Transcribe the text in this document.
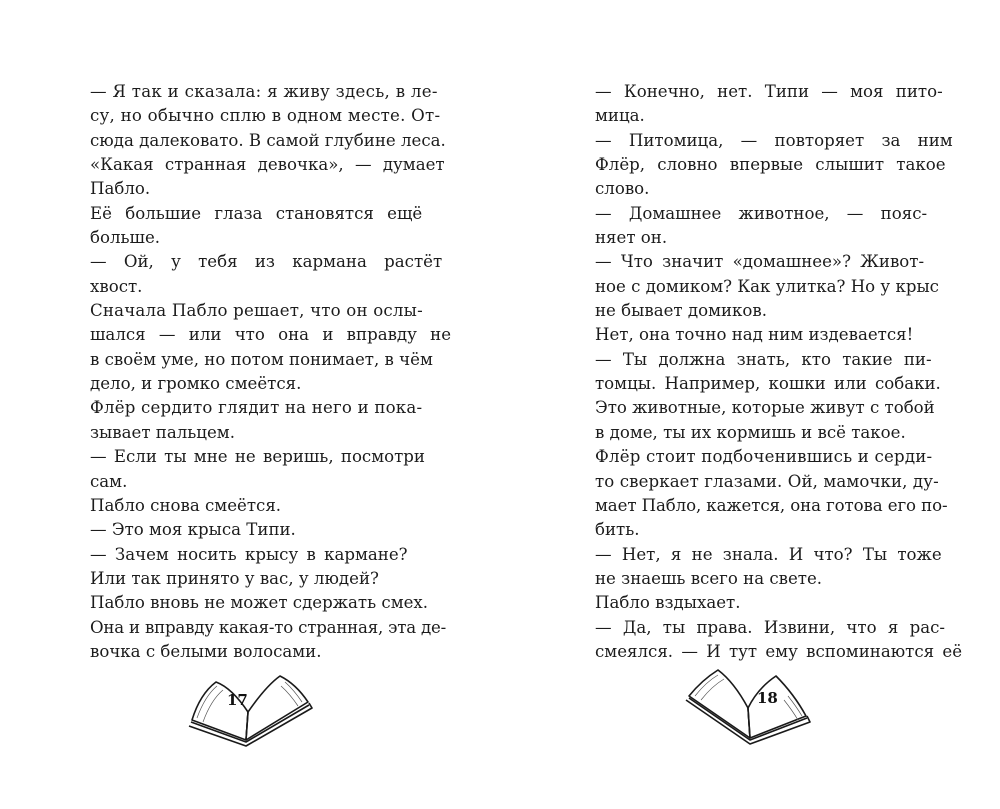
— Я так и сказала: я живу здесь, в ле-
су, но обычно сплю в одном месте. От-
сюда далековато. В самой глубине леса.
«Какая странная девочка», — думает
Пабло.
Её большие глаза становятся ещё
больше.
— Ой, у тебя из кармана растёт
хвост.
Сначала Пабло решает, что он ослы-
шался — или что она и вправду не
в своём уме, но потом понимает, в чём
дело, и громко смеётся.
Флёр сердито глядит на него и пока-
зывает пальцем.
— Если ты мне не веришь, посмотри
сам.
Пабло снова смеётся.
— Это моя крыса Типи.
— Зачем носить крысу в кармане?
Или так принято у вас, у людей?
Пабло вновь не может сдержать смех.
Она и вправду какая-то странная, эта де-
вочка с белыми волосами.
— Конечно, нет. Типи — моя пито-
мица.
— Питомица, — повторяет за ним
Флёр, словно впервые слышит такое
слово.
— Домашнее животное, — пояс-
няет он.
— Что значит «домашнее»? Живот-
ное с домиком? Как улитка? Но у крыс
не бывает домиков.
Нет, она точно над ним издевается!
— Ты должна знать, кто такие пи-
томцы. Например, кошки или собаки.
Это животные, которые живут с тобой
в доме, ты их кормишь и всё такое.
Флёр стоит подбоченившись и серди-
то сверкает глазами. Ой, мамочки, ду-
мает Пабло, кажется, она готова его по-
бить.
— Нет, я не знала. И что? Ты тоже
не знаешь всего на свете.
Пабло вздыхает.
— Да, ты права. Извини, что я рас-
смеялся. — И тут ему вспоминаются её
17	18
